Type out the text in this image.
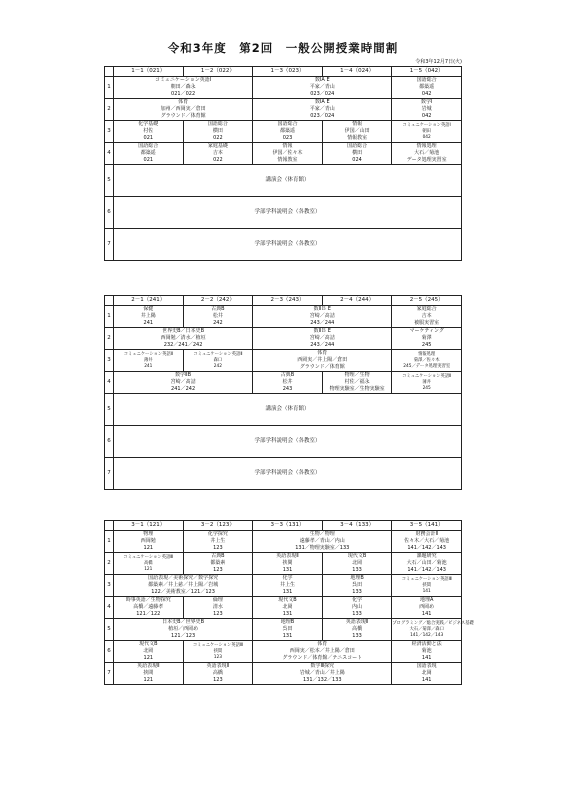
令和3年度　第2回　一般公開授業時間割
令和3年12月7日(火)
	1－1（021）	1－2（022）	1－3（023）	1－4（024）	1－5（042）
1	コミュニケーション英語Ⅰ
朝田／森永
021／022		数ⅠA E
平家／青山
023／024		国語総合
都築遥
042

2	体育
加州／西岡実／倉田
グラウンド／体育館		数ⅠA E
平家／青山
023／024		数学Ⅰ
岩城
042

3	化学基礎
村佐
021	国語総合
横田
022	国語総合
都築遥
023	情報
伊国／山田
情報教室	コミュニケーション英語Ⅰ
朝田
042

4	国語総合
都築遥
021	家庭基礎
吉本
022	情報
伊国／佐々木
情報教室	国語総合
横田
024	情報処理
大石／菊池
データ処理実習室

5	講演会（体育館）				
6	学部学科説明会（各教室）				
7	学部学科説明会（各教室）				
	2－1（241）	2－2（242）	2－3（243）	2－4（244）	2－5（245）
1	保健
井上陽
241	古典B
松井
242	数ⅡＢ E
宮崎／髙詰
243／244		家庭総合
吉本
被服実習室

2	世界史B／日本史B
西岡勉／清水／植垣
232／241／242		数ⅡＢ E
宮崎／髙詰
243／244		マーケティング
菊澤
245

3	コミュニケーション英語Ⅱ
薄井
241	コミュニケーション英語Ⅱ
森口
242	体育
西岡実／井上陽／倉田
グラウンド／体育館		情報処理
菊澤／佐々木
245／データ処理実習室

4	数学ⅡB
宮崎／髙詰
241／242		古典B
松井
243	物理／生物
村佐／福永
物理実験室／生物実験室	コミュニケーション英語Ⅱ
薄井
245

5	講演会（体育館）				
6	学部学科説明会（各教室）				
7	学部学科説明会（各教室）				
	3－1（121）	3－2（123）	3－3（131）	3－4（133）	3－5（141）
1	物理
西岡勉
121	化学探究
井上生
123	生物／物理
遠藤孝／青山／内山
131／物理実験室／133		財務会計Ⅱ
佐々木／大石／菊池
141／142／143

2	コミュニケーション英語Ⅲ
高橋
121	古典B
都築素
123	英語表現Ⅱ
挟間
131	現代文B
北岡
133	課題研究
大石／山田／菊池
141／142／143

3	国語表現／美術探究／数学探究
都築素／井上慈／井上陽／岩城
122／美術教室／121／123		化学
井上生
131	地理B
呉田
133	コミュニケーション英語Ⅲ
挟間
141

4	時事英語／生物探究
高橋／遠藤孝
121／122	倫理
清水
123	現代文B
北岡
131	化学
内山
133	地理A
西岡め
141

5	日本史B／世界史B
植垣／西岡め
121／123		地理B
呉田
131	英語表現Ⅱ
高橋
133	プログラミング／総合実践／ビジネス基礎
大石／菊澤／森口
141／142／143

6	現代文B
北岡
121	コミュニケーション英語Ⅲ
挟間
123	体育
西岡実／松本／井上陽／倉田
グラウンド／体育館／テニスコート		経済活動と法
菊池
141

7	英語表現Ⅱ
挟間
121	英語表現Ⅱ
高橋
123	数学Ⅲ探究
岩城／青山／井上陽
131／132／133		国語表現
北岡
141
